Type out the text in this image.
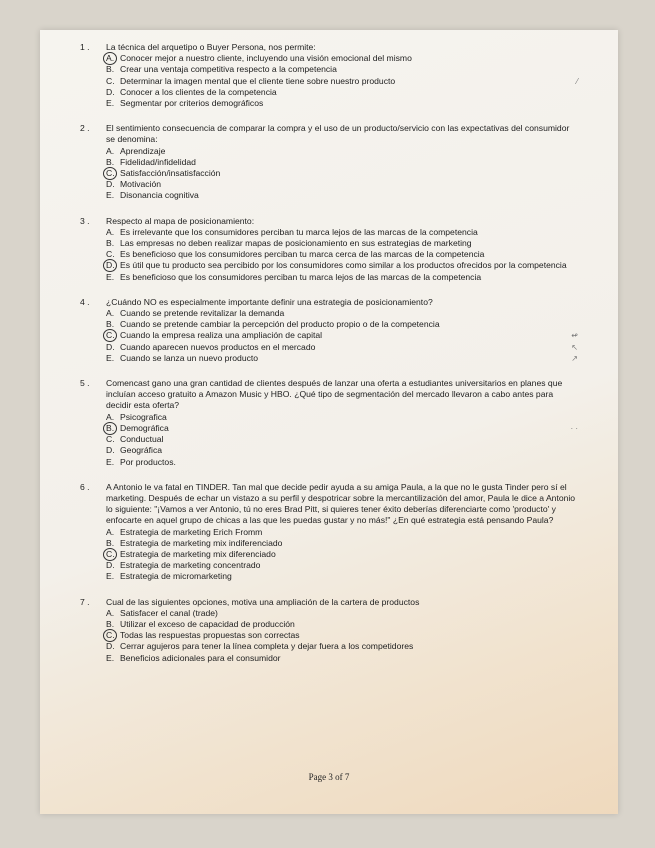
1 .	La técnica del arquetipo o Buyer Persona, nos permite:
A. Conocer mejor a nuestro cliente, incluyendo una visión emocional del mismo
B. Crear una ventaja competitiva respecto a la competencia
C. Determinar la imagen mental que el cliente tiene sobre nuestro producto	⁄
D. Conocer a los clientes de la competencia
E. Segmentar por criterios demográficos
2 .	El sentimiento consecuencia de comparar la compra y el uso de un producto/servicio con las expectativas del consumidor se denomina:
A. Aprendizaje
B. Fidelidad/infidelidad
C. Satisfacción/insatisfacción
D. Motivación
E. Disonancia cognitiva
3 .	Respecto al mapa de posicionamiento:
A. Es irrelevante que los consumidores perciban tu marca lejos de las marcas de la competencia
B. Las empresas no deben realizar mapas de posicionamiento en sus estrategias de marketing
C. Es beneficioso que los consumidores perciban tu marca cerca de las marcas de la competencia
D. Es útil que tu producto sea percibido por los consumidores como similar a los productos ofrecidos por la competencia
E. Es beneficioso que los consumidores perciban tu marca lejos de las marcas de la competencia
4 .	¿Cuándo NO es especialmente importante definir una estrategia de posicionamiento?
A. Cuando se pretende revitalizar la demanda
B. Cuando se pretende cambiar la percepción del producto propio o de la competencia
C. Cuando la empresa realiza una ampliación de capital	↫
D. Cuando aparecen nuevos productos en el mercado	↖
E. Cuando se lanza un nuevo producto	↗
5 .	Comencast gano una gran cantidad de clientes después de lanzar una oferta a estudiantes universitarios en planes que incluían acceso gratuito a Amazon Music y HBO. ¿Qué tipo de segmentación del mercado llevaron a cabo antes para decidir esta oferta?
A. Psicografica
B. Demográfica	· ·
C. Conductual
D. Geográfica
E. Por productos.
6 .	A Antonio le va fatal en TINDER. Tan mal que decide pedir ayuda a su amiga Paula, a la que no le gusta Tinder pero sí el marketing. Después de echar un vistazo a su perfil y despotricar sobre la mercantilización del amor, Paula le dice a Antonio lo siguiente: "¡Vamos a ver Antonio, tú no eres Brad Pitt, si quieres tener éxito deberías diferenciarte como 'producto' y enfocarte en aquel grupo de chicas a las que les puedas gustar y no más!" ¿En qué estrategia está pensando Paula?
A. Estrategia de marketing Erich Fromm
B. Estrategia de marketing mix indiferenciado
C. Estrategia de marketing mix diferenciado
D. Estrategia de marketing concentrado
E. Estrategia de micromarketing
7 .	Cual de las siguientes opciones, motiva una ampliación de la cartera de productos
A. Satisfacer el canal (trade)
B. Utilizar el exceso de capacidad de producción
C. Todas las respuestas propuestas son correctas
D. Cerrar agujeros para tener la línea completa y dejar fuera a los competidores
E. Beneficios adicionales para el consumidor
Page 3 of 7
